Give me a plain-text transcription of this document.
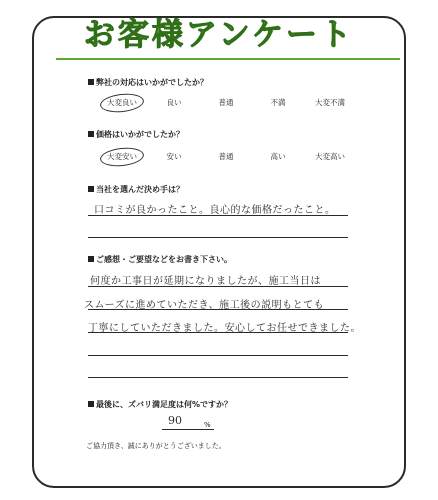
お客様アンケート
弊社の対応はいかがでしたか？
大変良い	良い	普通	不満	大変不満
価格はいかがでしたか？
大変安い	安い	普通	高い	大変高い
当社を選んだ決め手は？
口コミが良かったこと。良心的な価格だったこと。
ご感想・ご要望などをお書き下さい。
何度か工事日が延期になりましたが、施工当日は
スムーズに進めていただき、施工後の説明もとても
丁寧にしていただきました。安心してお任せできました。
最後に、ズバリ満足度は何%ですか？
90	%
ご協力頂き、誠にありがとうございました。
